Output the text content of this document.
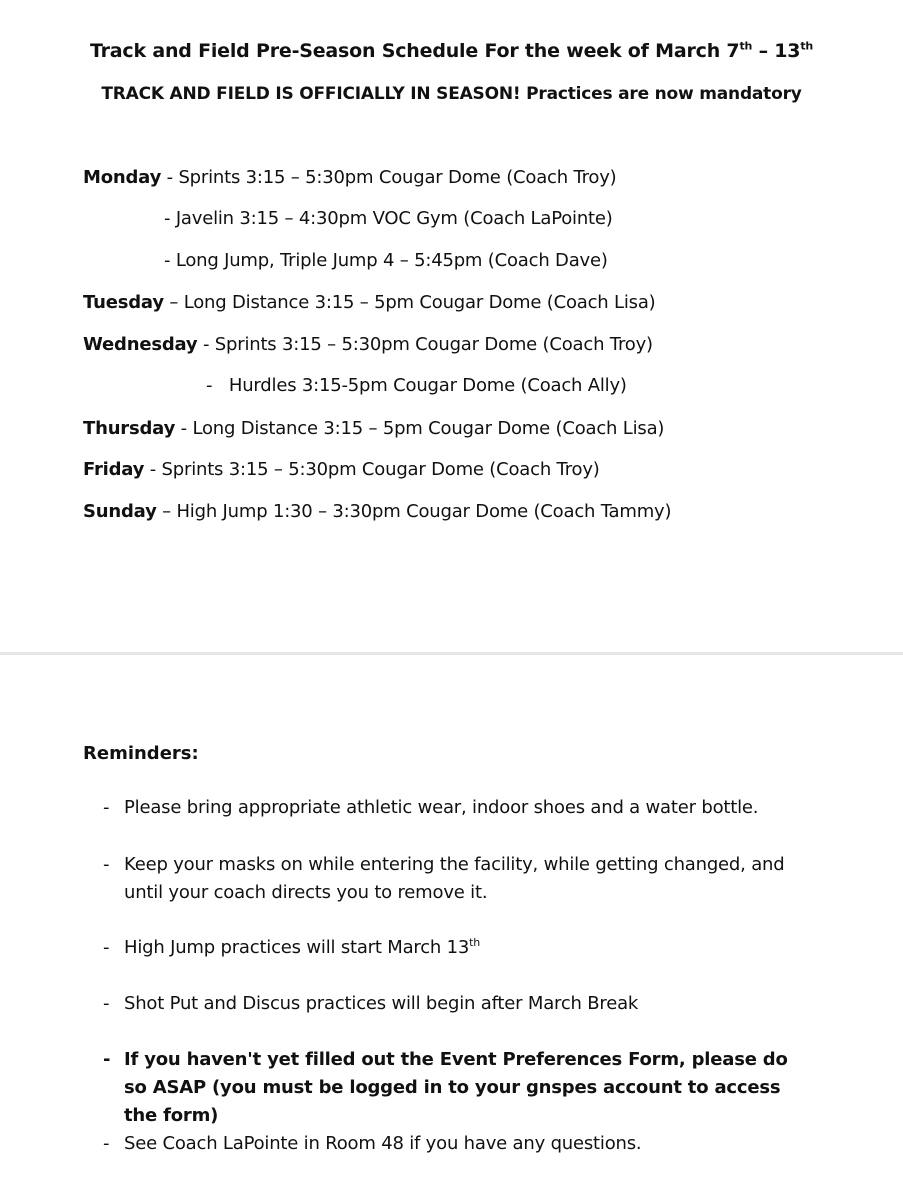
Track and Field Pre-Season Schedule For the week of March 7th – 13th
TRACK AND FIELD IS OFFICIALLY IN SEASON! Practices are now mandatory
Monday - Sprints 3:15 – 5:30pm Cougar Dome (Coach Troy)
- Javelin 3:15 – 4:30pm VOC Gym (Coach LaPointe)
- Long Jump, Triple Jump 4 – 5:45pm (Coach Dave)
Tuesday – Long Distance 3:15 – 5pm Cougar Dome (Coach Lisa)
Wednesday - Sprints 3:15 – 5:30pm Cougar Dome (Coach Troy)
-   Hurdles 3:15-5pm Cougar Dome (Coach Ally)
Thursday - Long Distance 3:15 – 5pm Cougar Dome (Coach Lisa)
Friday - Sprints 3:15 – 5:30pm Cougar Dome (Coach Troy)
Sunday – High Jump 1:30 – 3:30pm Cougar Dome (Coach Tammy)
Reminders:
- Please bring appropriate athletic wear, indoor shoes and a water bottle.
- Keep your masks on while entering the facility, while getting changed, and until your coach directs you to remove it.
- High Jump practices will start March 13th
- Shot Put and Discus practices will begin after March Break
- If you haven't yet filled out the Event Preferences Form, please do so ASAP (you must be logged in to your gnspes account to access the form)
- See Coach LaPointe in Room 48 if you have any questions.
